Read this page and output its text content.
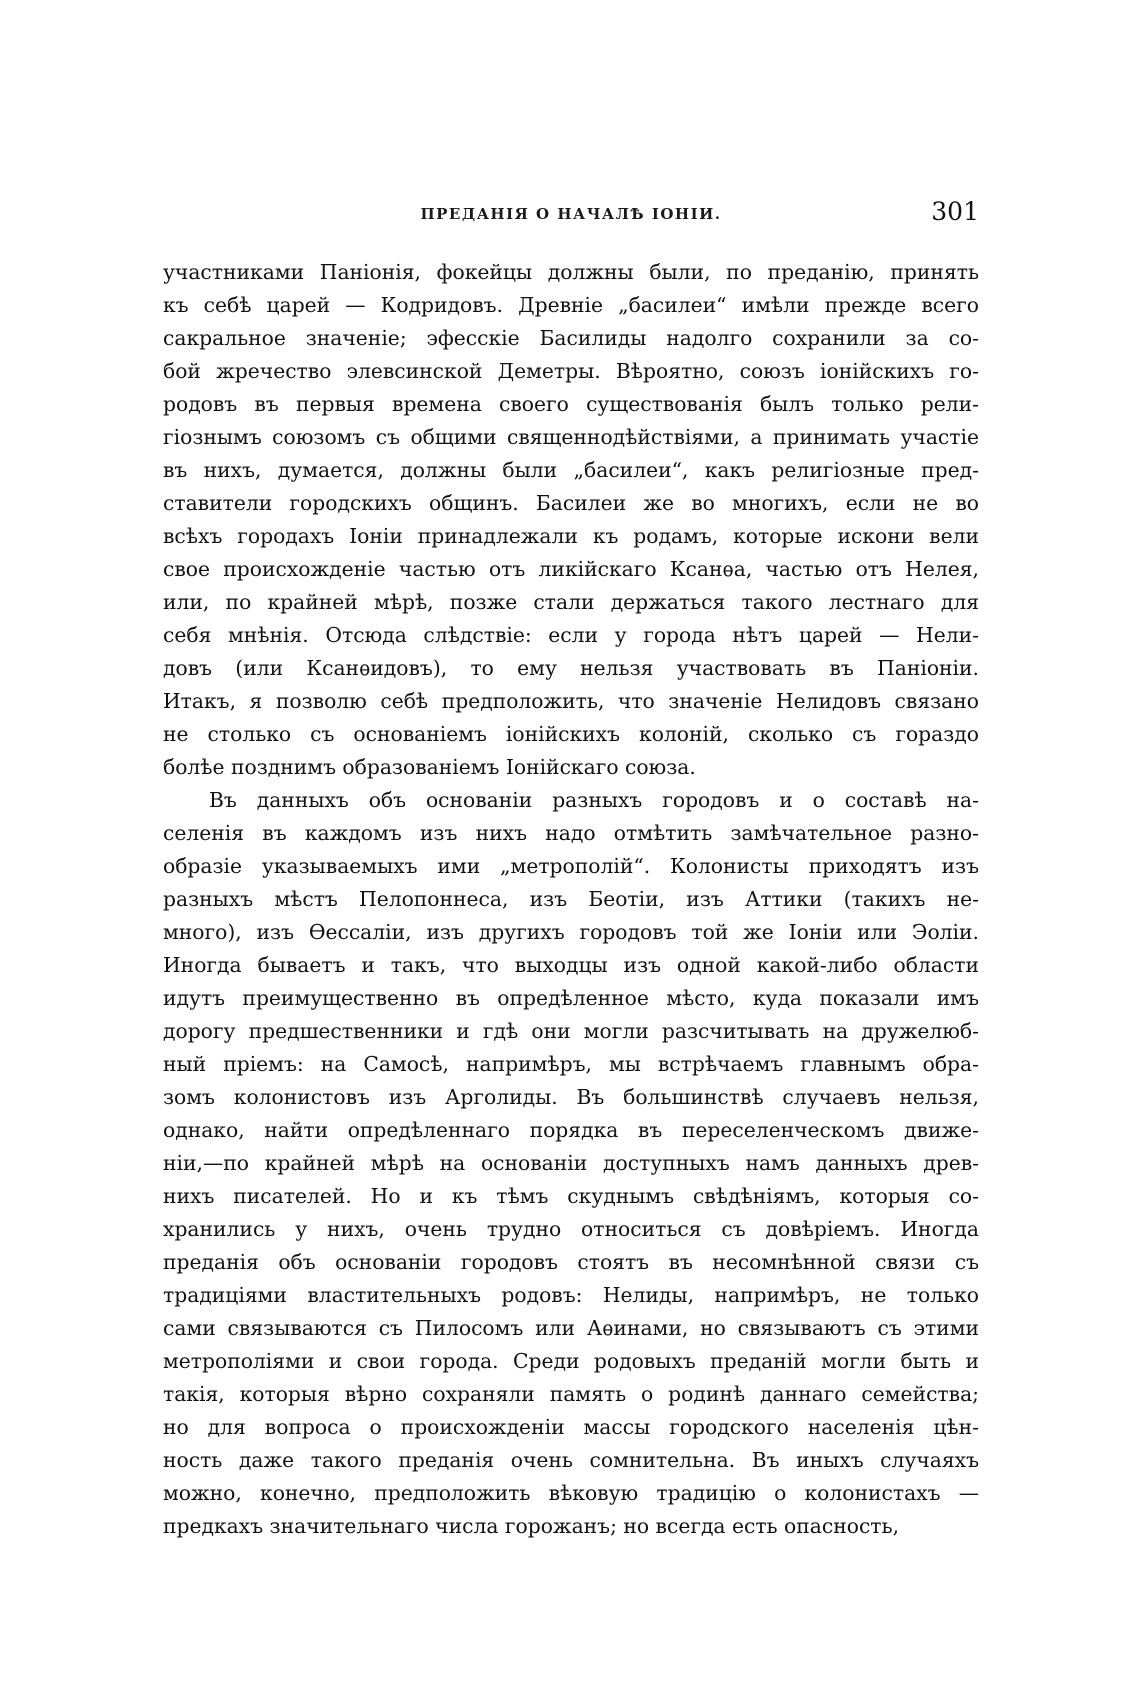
ПРЕДАНІЯ О НАЧАЛѢ ІОНІИ.	301
участниками Паніонія, фокейцы должны были, по преданію, принять
къ себѣ царей — Кодридовъ. Древніе „басилеи“ имѣли прежде всего
сакральное значеніе; эфесскіе Басилиды надолго сохранили за со-
бой жречество элевсинской Деметры. Вѣроятно, союзъ іонійскихъ го-
родовъ въ первыя времена своего существованія былъ только рели-
гіознымъ союзомъ съ общими священнодѣйствіями, а принимать участіе
въ нихъ, думается, должны были „басилеи“, какъ религіозные пред-
ставители городскихъ общинъ. Басилеи же во многихъ, если не во
всѣхъ городахъ Іоніи принадлежали къ родамъ, которые искони вели
свое происхожденіе частью отъ ликійскаго Ксанѳа, частью отъ Нелея,
или, по крайней мѣрѣ, позже стали держаться такого лестнаго для
себя мнѣнія. Отсюда слѣдствіе: если у города нѣтъ царей — Нели-
довъ (или Ксанѳидовъ), то ему нельзя участвовать въ Паніоніи.
Итакъ, я позволю себѣ предположить, что значеніе Нелидовъ связано
не столько съ основаніемъ іонійскихъ колоній, сколько съ гораздо
болѣе позднимъ образованіемъ Іонійскаго союза.
Въ данныхъ объ основаніи разныхъ городовъ и о составѣ на-
селенія въ каждомъ изъ нихъ надо отмѣтить замѣчательное разно-
образіе указываемыхъ ими „метрополій“. Колонисты приходятъ изъ
разныхъ мѣстъ Пелопоннеса, изъ Беотіи, изъ Аттики (такихъ не-
много), изъ Ѳессаліи, изъ другихъ городовъ той же Іоніи или Эоліи.
Иногда бываетъ и такъ, что выходцы изъ одной какой-либо области
идутъ преимущественно въ опредѣленное мѣсто, куда показали имъ
дорогу предшественники и гдѣ они могли разсчитывать на дружелюб-
ный пріемъ: на Самосѣ, напримѣръ, мы встрѣчаемъ главнымъ обра-
зомъ колонистовъ изъ Арголиды. Въ большинствѣ случаевъ нельзя,
однако, найти опредѣленнаго порядка въ переселенческомъ движе-
ніи,—по крайней мѣрѣ на основаніи доступныхъ намъ данныхъ древ-
нихъ писателей. Но и къ тѣмъ скуднымъ свѣдѣніямъ, которыя со-
хранились у нихъ, очень трудно относиться съ довѣріемъ. Иногда
преданія объ основаніи городовъ стоятъ въ несомнѣнной связи съ
традиціями властительныхъ родовъ: Нелиды, напримѣръ, не только
сами связываются съ Пилосомъ или Аѳинами, но связываютъ съ этими
метрополіями и свои города. Среди родовыхъ преданій могли быть и
такія, которыя вѣрно сохраняли память о родинѣ даннаго семейства;
но для вопроса о происхожденіи массы городского населенія цѣн-
ность даже такого преданія очень сомнительна. Въ иныхъ случаяхъ
можно, конечно, предположить вѣковую традицію о колонистахъ —
предкахъ значительнаго числа горожанъ; но всегда есть опасность,
